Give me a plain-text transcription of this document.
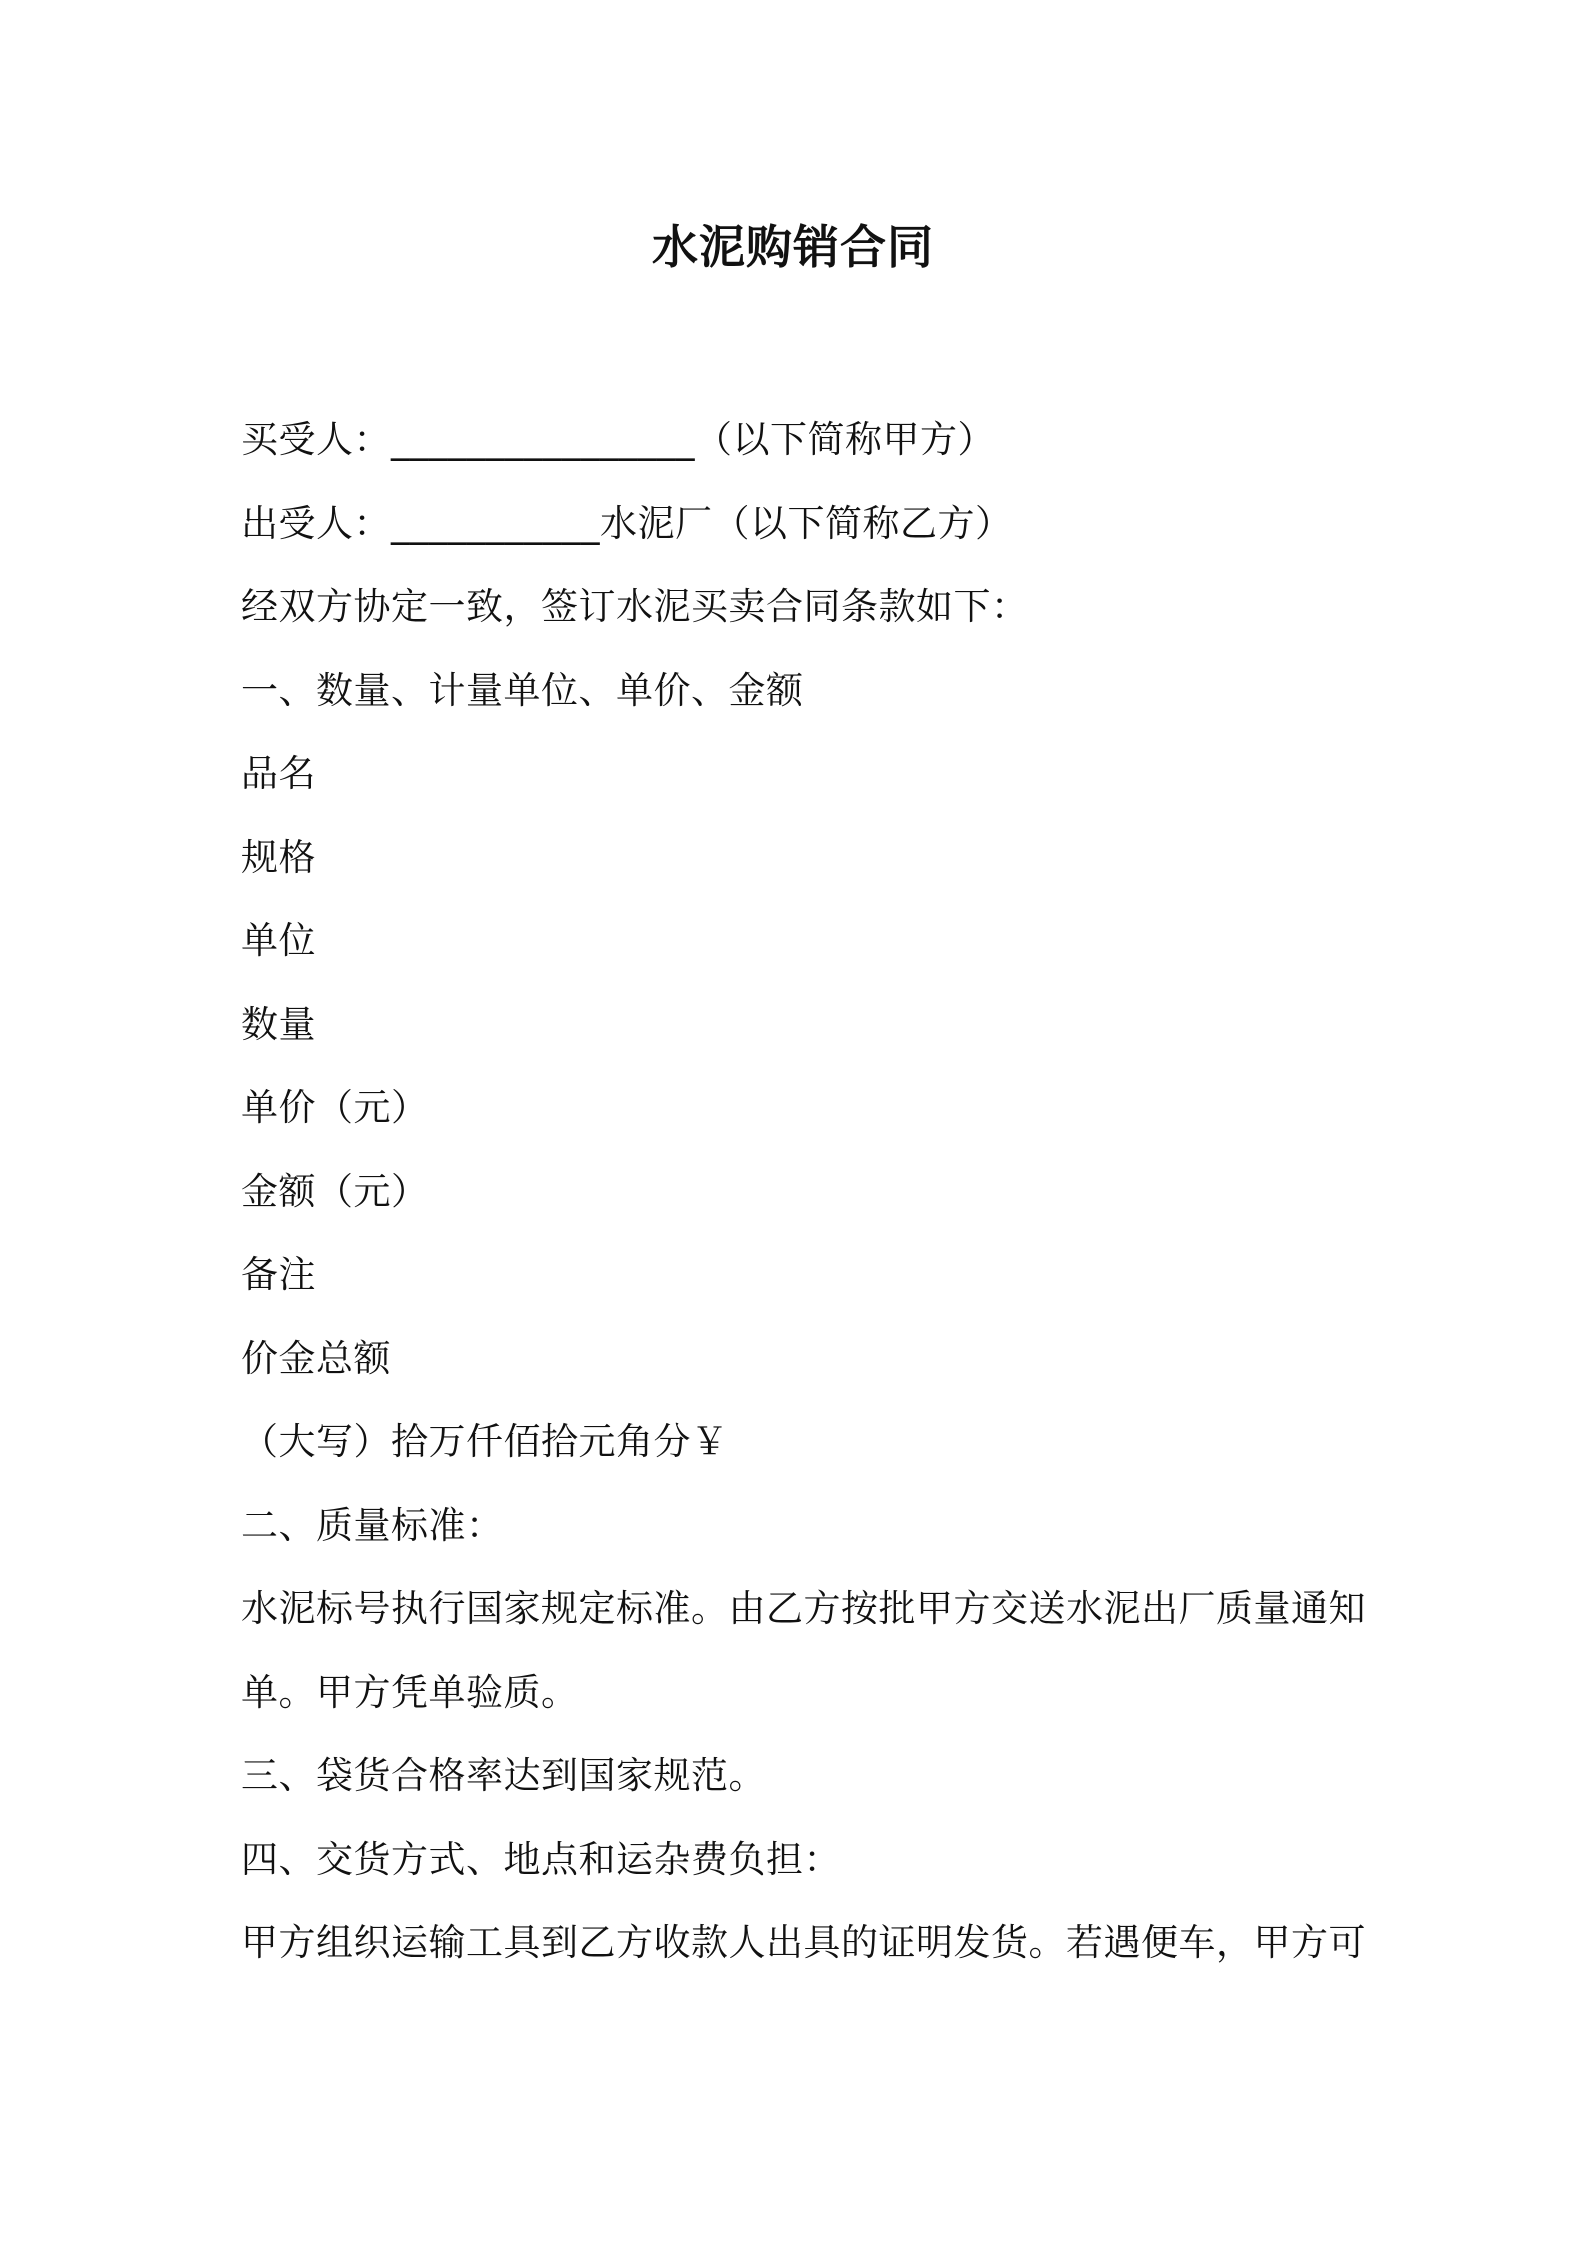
水泥购销合同
买受人：________________（以下简称甲方）
出受人：___________水泥厂（以下简称乙方）
经双方协定一致，签订水泥买卖合同条款如下：
一、数量、计量单位、单价、金额
品名
规格
单位
数量
单价（元）
金额（元）
备注
价金总额
（大写）拾万仟佰拾元角分￥
二、质量标准：
水泥标号执行国家规定标准。由乙方按批甲方交送水泥出厂质量通知
单。甲方凭单验质。
三、袋货合格率达到国家规范。
四、交货方式、地点和运杂费负担：
甲方组织运输工具到乙方收款人出具的证明发货。若遇便车，甲方可
